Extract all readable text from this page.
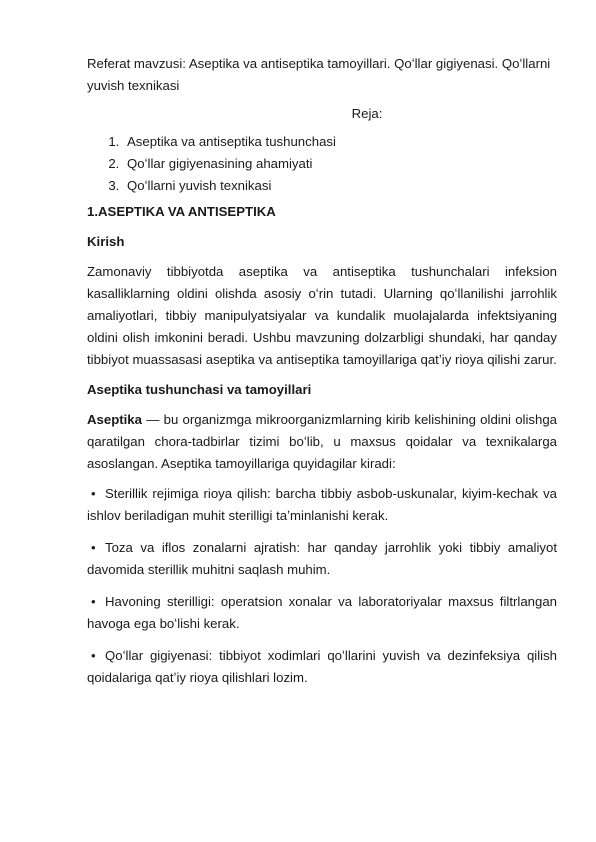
Referat mavzusi: Aseptika va antiseptika tamoyillari. Qoʻllar gigiyenasi. Qoʻllarni yuvish texnikasi

Reja:

1. Aseptika va antiseptika tushunchasi
2. Qoʻllar gigiyenasining ahamiyati
3. Qoʻllarni yuvish texnikasi

1.ASEPTIKA VA ANTISEPTIKA

Kirish

Zamonaviy tibbiyotda aseptika va antiseptika tushunchalari infeksion kasalliklarning oldini olishda asosiy oʻrin tutadi. Ularning qoʻllanilishi jarrohlik amaliyotlari, tibbiy manipulyatsiyalar va kundalik muolajalarda infektsiyaning oldini olish imkonini beradi. Ushbu mavzuning dolzarbligi shundaki, har qanday tibbiyot muassasasi aseptika va antiseptika tamoyillariga qatʼiy rioya qilishi zarur.

Aseptika tushunchasi va tamoyillari

Aseptika — bu organizmga mikroorganizmlarning kirib kelishining oldini olishga qaratilgan chora-tadbirlar tizimi boʻlib, u maxsus qoidalar va texnikalarga asoslangan. Aseptika tamoyillariga quyidagilar kiradi:

• Sterillik rejimiga rioya qilish: barcha tibbiy asbob-uskunalar, kiyim-kechak va ishlov beriladigan muhit sterilligi taʼminlanishi kerak.

• Toza va iflos zonalarni ajratish: har qanday jarrohlik yoki tibbiy amaliyot davomida sterillik muhitni saqlash muhim.

• Havoning sterilligi: operatsion xonalar va laboratoriyalar maxsus filtrlangan havoga ega boʻlishi kerak.

• Qoʻllar gigiyenasi: tibbiyot xodimlari qoʻllarini yuvish va dezinfeksiya qilish qoidalariga qatʼiy rioya qilishlari lozim.
